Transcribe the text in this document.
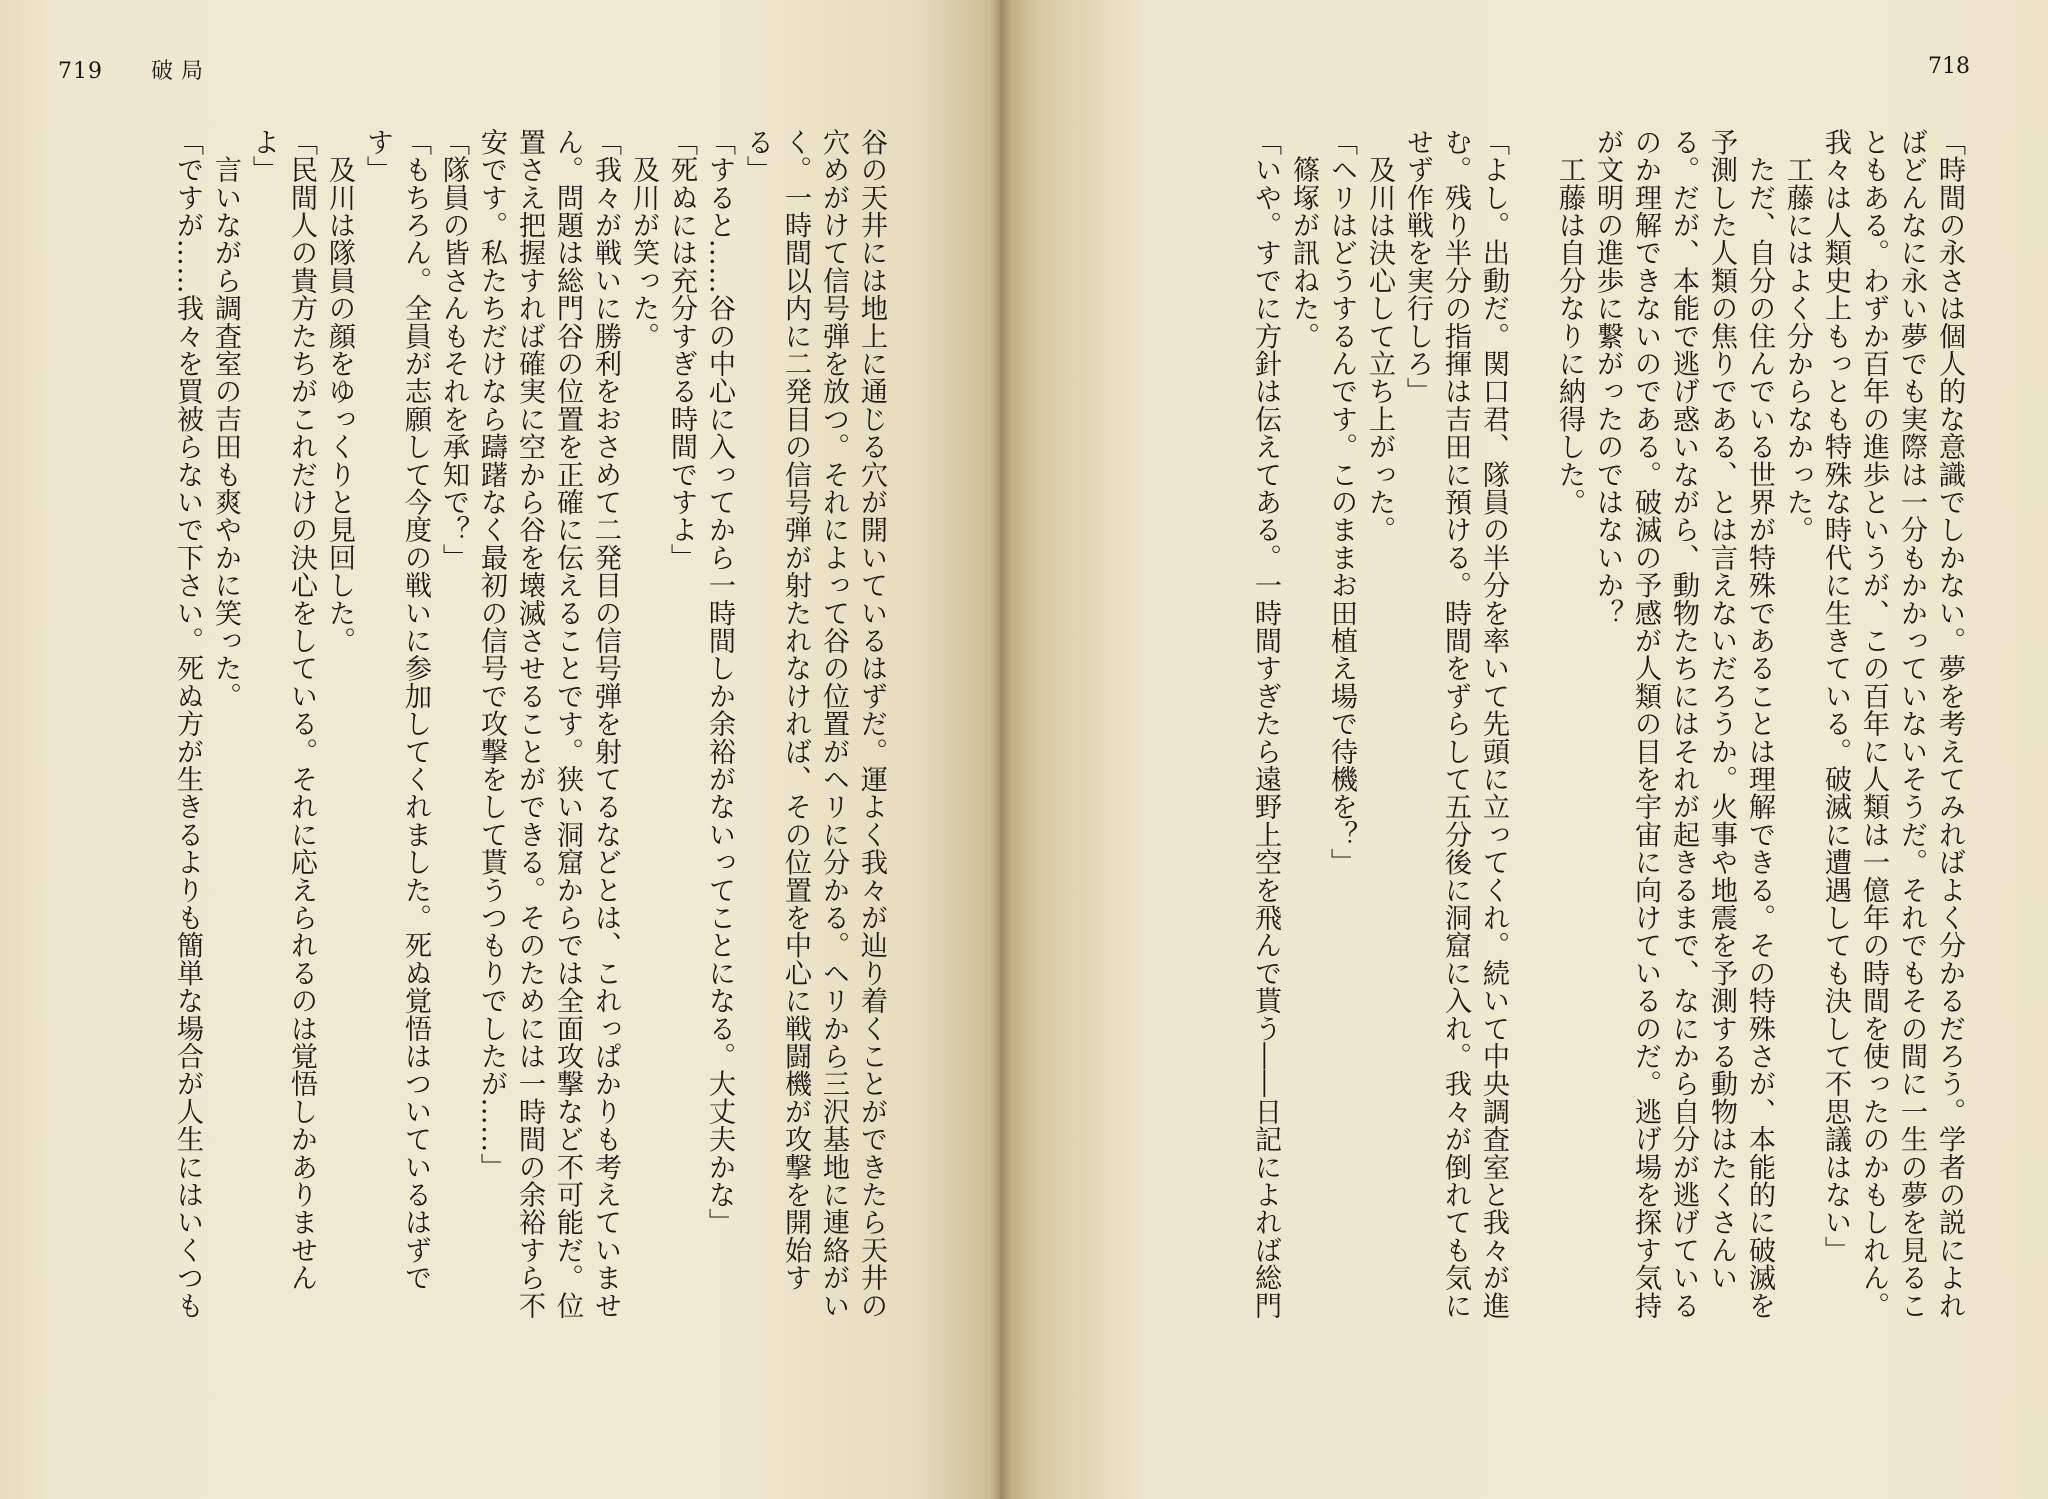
719 破局

谷の天井には地上に通じる穴が開いているはずだ。運よく我々が辿り着くことができたら天井の

穴めがけて信号弾を放つ。それによって谷の位置がヘリに分かる。ヘリから三沢基地に連絡がい

く。一時間以内に二発目の信号弾が射たれなければ、その位置を中心に戦闘機が攻撃を開始す

る」

「すると……谷の中心に入ってから一時間しか余裕がないってことになる。大丈夫かな」

「死ぬには充分すぎる時間ですよ」

　及川が笑った。

「我々が戦いに勝利をおさめて二発目の信号弾を射てるなどとは、これっぱかりも考えていませ

ん。問題は総門谷の位置を正確に伝えることです。狭い洞窟からでは全面攻撃など不可能だ。位

置さえ把握すれば確実に空から谷を壊滅させることができる。そのためには一時間の余裕すら不

安です。私たちだけなら躊躇なく最初の信号で攻撃をして貰うつもりでしたが……」

「隊員の皆さんもそれを承知で？」

「もちろん。全員が志願して今度の戦いに参加してくれました。死ぬ覚悟はついているはずで

す」

　及川は隊員の顔をゆっくりと見回した。

「民間人の貴方たちがこれだけの決心をしている。それに応えられるのは覚悟しかありません

よ」

　言いながら調査室の吉田も爽やかに笑った。

「ですが……我々を買被らないで下さい。死ぬ方が生きるよりも簡単な場合が人生にはいくつも

718

「時間の永さは個人的な意識でしかない。夢を考えてみればよく分かるだろう。学者の説によれ

ばどんなに永い夢でも実際は一分もかかっていないそうだ。それでもその間に一生の夢を見るこ

ともある。わずか百年の進歩というが、この百年に人類は一億年の時間を使ったのかもしれん。

我々は人類史上もっとも特殊な時代に生きている。破滅に遭遇しても決して不思議はない」

　工藤にはよく分からなかった。

　ただ、自分の住んでいる世界が特殊であることは理解できる。その特殊さが、本能的に破滅を

予測した人類の焦りである、とは言えないだろうか。火事や地震を予測する動物はたくさんい

る。だが、本能で逃げ惑いながら、動物たちにはそれが起きるまで、なにから自分が逃げている

のか理解できないのである。破滅の予感が人類の目を宇宙に向けているのだ。逃げ場を探す気持

が文明の進歩に繋がったのではないか？

　工藤は自分なりに納得した。

「よし。出動だ。関口君、隊員の半分を率いて先頭に立ってくれ。続いて中央調査室と我々が進

む。残り半分の指揮は吉田に預ける。時間をずらして五分後に洞窟に入れ。我々が倒れても気に

せず作戦を実行しろ」

　及川は決心して立ち上がった。

「ヘリはどうするんです。このままお田植え場で待機を？」

　篠塚が訊ねた。

「いや。すでに方針は伝えてある。一時間すぎたら遠野上空を飛んで貰う――日記によれば総門
